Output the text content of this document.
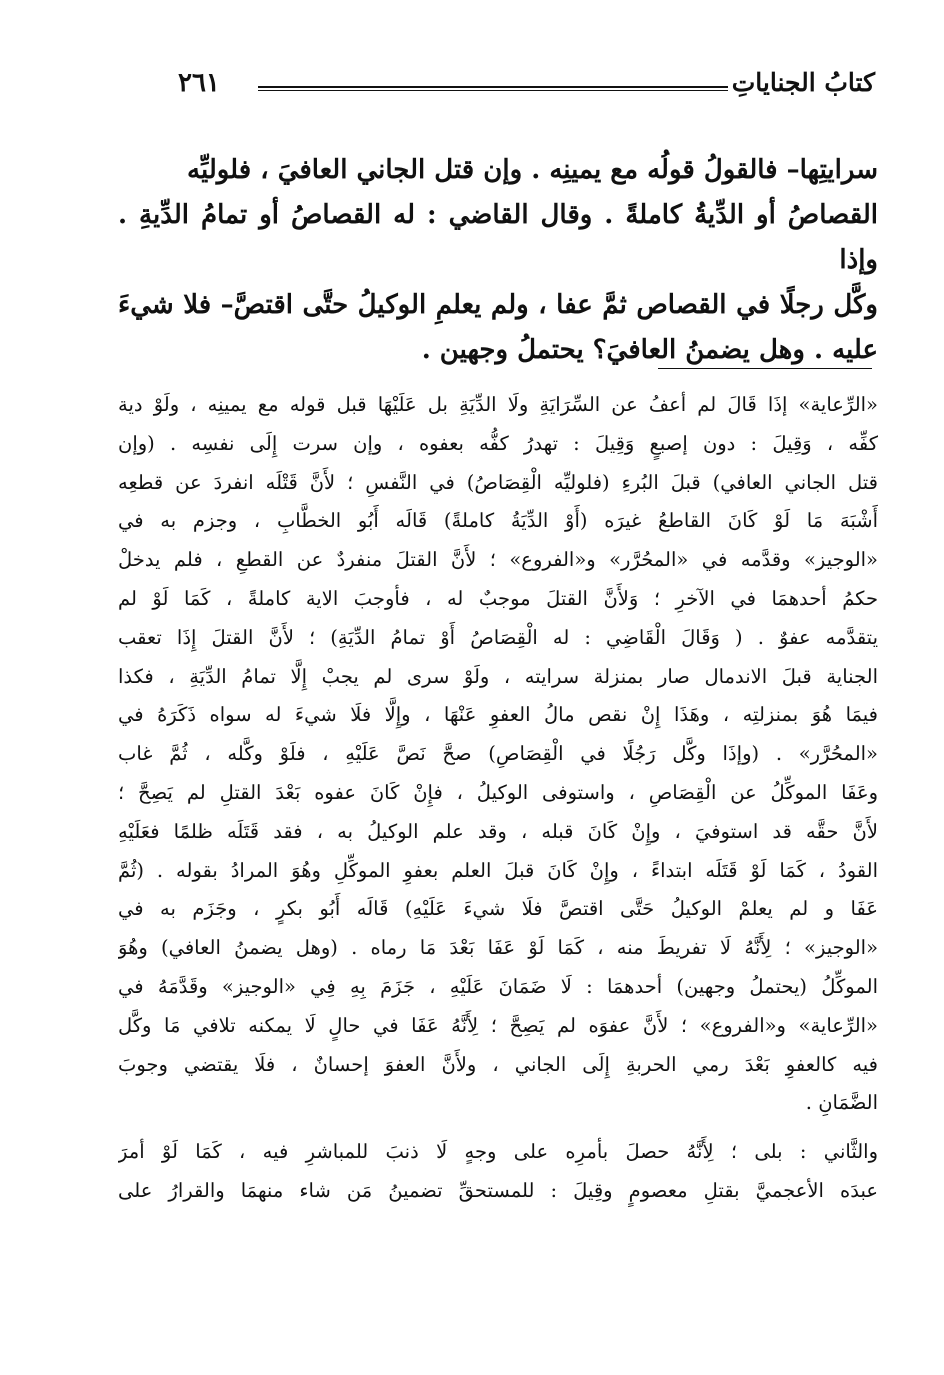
٢٦١	كتابُ الجناياتِ
سرايتِها– فالقولُ قولُه مع يمينِه . وإن قتل الجاني العافيَ ، فلوليِّه
القصاصُ أو الدِّيةُ كاملةً . وقال القاضي : له القصاصُ أو تمامُ الدِّيةِ . وإذا
وكَّل رجلًا في القصاص ثمَّ عفا ، ولم يعلمِ الوكيلُ حتَّى اقتصَّ– فلا شيءَ
عليه . وهل يضمنُ العافيَ؟ يحتملُ وجهين .
«الرِّعاية» إذَا قَالَ لم أعفُ عن السِّرَايَةِ ولَا الدِّيَةِ بل عَلَيْهَا قبل قوله مع يمينِه ، ولَوْ دية
كفِّه ، وَقِيلَ : دون إصبعٍ وَقِيلَ : تهدرُ كفُّه بعفوه ، وإن سرت إِلَى نفسِه . (وإن
قتل الجاني العافي) قبلَ البُرءِ (فلوليِّه الْقِصَاصُ) في النَّفسِ ؛ لأَنَّ قَتْلَه انفردَ عن قطعِه
أَشْبَهَ مَا لَوْ كَانَ القاطعُ غيرَه (أَوْ الدِّيَةُ كاملةً) قَالَه أَبُو الخطَّابِ ، وجزم به في
«الوجيز» وقدَّمه في «المحُرَّر» و«الفروع» ؛ لأَنَّ القتلَ منفردٌ عن القطعِ ، فلم يدخلْ
حكمُ أحدهمَا في الآخرِ ؛ وَلأَنَّ القتلَ موجبٌ له ، فأوجبَ الاية كاملةً ، كَمَا لَوْ لم
يتقدَّمه عفوٌ . ( وَقَالَ الْقَاضِي : له الْقِصَاصُ أَوْ تمامُ الدِّيَةِ) ؛ لأَنَّ القتلَ إِذَا تعقب
الجناية قبلَ الاندمال صار بمنزلة سرايته ، ولَوْ سرى لم يجبْ إِلَّا تمامُ الدِّيَةِ ، فكذا
فيمَا هُوَ بمنزلتِه ، وهَذَا إِنْ نقص مالُ العفوِ عَنْهَا ، وإِلَّا فلَا شيءَ له سواه ذَكَرَهُ في
«المحُرَّر» . (وإذَا وكَّل رَجُلًا في الْقِصَاصِ) صحَّ نَصَّ عَلَيْهِ ، فلَوْ وكَّله ، ثُمَّ غاب
وعَفَا الموكِّلُ عن الْقِصَاصِ ، واستوفى الوكيلُ ، فإِنْ كَانَ عفوه بَعْدَ القتلِ لم يَصِحَّ ؛
لأَنَّ حقَّه قد استوفيَ ، وإِنْ كَانَ قبله ، وقد علم الوكيلُ به ، فقد قَتَلَه ظلمًا فعَلَيْهِ
القودُ ، كَمَا لَوْ قَتَلَه ابتداءً ، وإِنْ كَانَ قبلَ العلم بعفوِ الموكِّلِ وهُوَ المرادُ بقوله . (ثُمَّ
عَفَا و لم يعلمْ الوكيلُ حَتَّى اقتصَّ فلَا شيءَ عَلَيْهِ) قَالَه أَبُو بكرٍ ، وجَزَم به في
«الوجيز» ؛ لِأَنَّهُ لَا تفريطَ منه ، كَمَا لَوْ عَفَا بَعْدَ مَا رماه . (وهل يضمنُ العافي) وهُوَ
الموكِّلُ (يحتملُ وجهين) أحدهمَا : لَا ضَمَانَ عَلَيْهِ ، جَزَمَ بِهِ فِي «الوجيز» وقَدَّمَهُ في
«الرِّعاية» و«الفروع» ؛ لأَنَّ عفوَه لم يَصِحَّ ؛ لِأَنَّهُ عَفَا في حالٍ لَا يمكنه تلافي مَا وكَّل
فيه كالعفوِ بَعْدَ رمي الحربةِ إِلَى الجاني ، ولأَنَّ العفوَ إحسانٌ ، فلَا يقتضي وجوبَ
الضَّمَانِ .
والثَّاني : بلى ؛ لِأَنَّهُ حصلَ بأمرِه على وجهٍ لَا ذنبَ للمباشرِ فيه ، كَمَا لَوْ أمرَ
عبدَه الأعجميَّ بقتلِ معصومٍ وقِيلَ : للمستحقِّ تضمينُ مَن شاء منهمَا والقرارُ على
